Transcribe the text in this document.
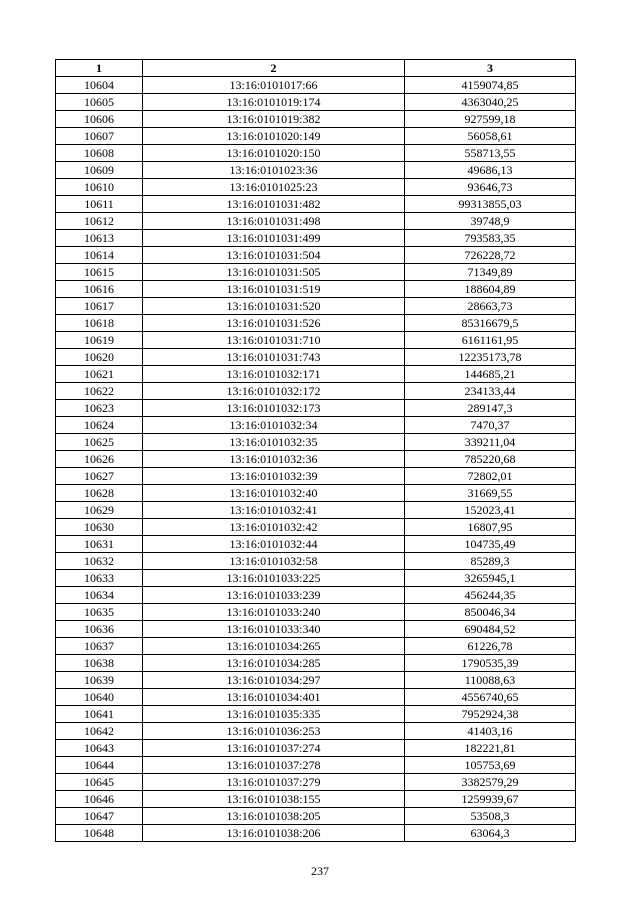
1	2	3
10604	13:16:0101017:66	4159074,85
10605	13:16:0101019:174	4363040,25
10606	13:16:0101019:382	927599,18
10607	13:16:0101020:149	56058,61
10608	13:16:0101020:150	558713,55
10609	13:16:0101023:36	49686,13
10610	13:16:0101025:23	93646,73
10611	13:16:0101031:482	99313855,03
10612	13:16:0101031:498	39748,9
10613	13:16:0101031:499	793583,35
10614	13:16:0101031:504	726228,72
10615	13:16:0101031:505	71349,89
10616	13:16:0101031:519	188604,89
10617	13:16:0101031:520	28663,73
10618	13:16:0101031:526	85316679,5
10619	13:16:0101031:710	6161161,95
10620	13:16:0101031:743	12235173,78
10621	13:16:0101032:171	144685,21
10622	13:16:0101032:172	234133,44
10623	13:16:0101032:173	289147,3
10624	13:16:0101032:34	7470,37
10625	13:16:0101032:35	339211,04
10626	13:16:0101032:36	785220,68
10627	13:16:0101032:39	72802,01
10628	13:16:0101032:40	31669,55
10629	13:16:0101032:41	152023,41
10630	13:16:0101032:42	16807,95
10631	13:16:0101032:44	104735,49
10632	13:16:0101032:58	85289,3
10633	13:16:0101033:225	3265945,1
10634	13:16:0101033:239	456244,35
10635	13:16:0101033:240	850046,34
10636	13:16:0101033:340	690484,52
10637	13:16:0101034:265	61226,78
10638	13:16:0101034:285	1790535,39
10639	13:16:0101034:297	110088,63
10640	13:16:0101034:401	4556740,65
10641	13:16:0101035:335	7952924,38
10642	13:16:0101036:253	41403,16
10643	13:16:0101037:274	182221,81
10644	13:16:0101037:278	105753,69
10645	13:16:0101037:279	3382579,29
10646	13:16:0101038:155	1259939,67
10647	13:16:0101038:205	53508,3
10648	13:16:0101038:206	63064,3
237
